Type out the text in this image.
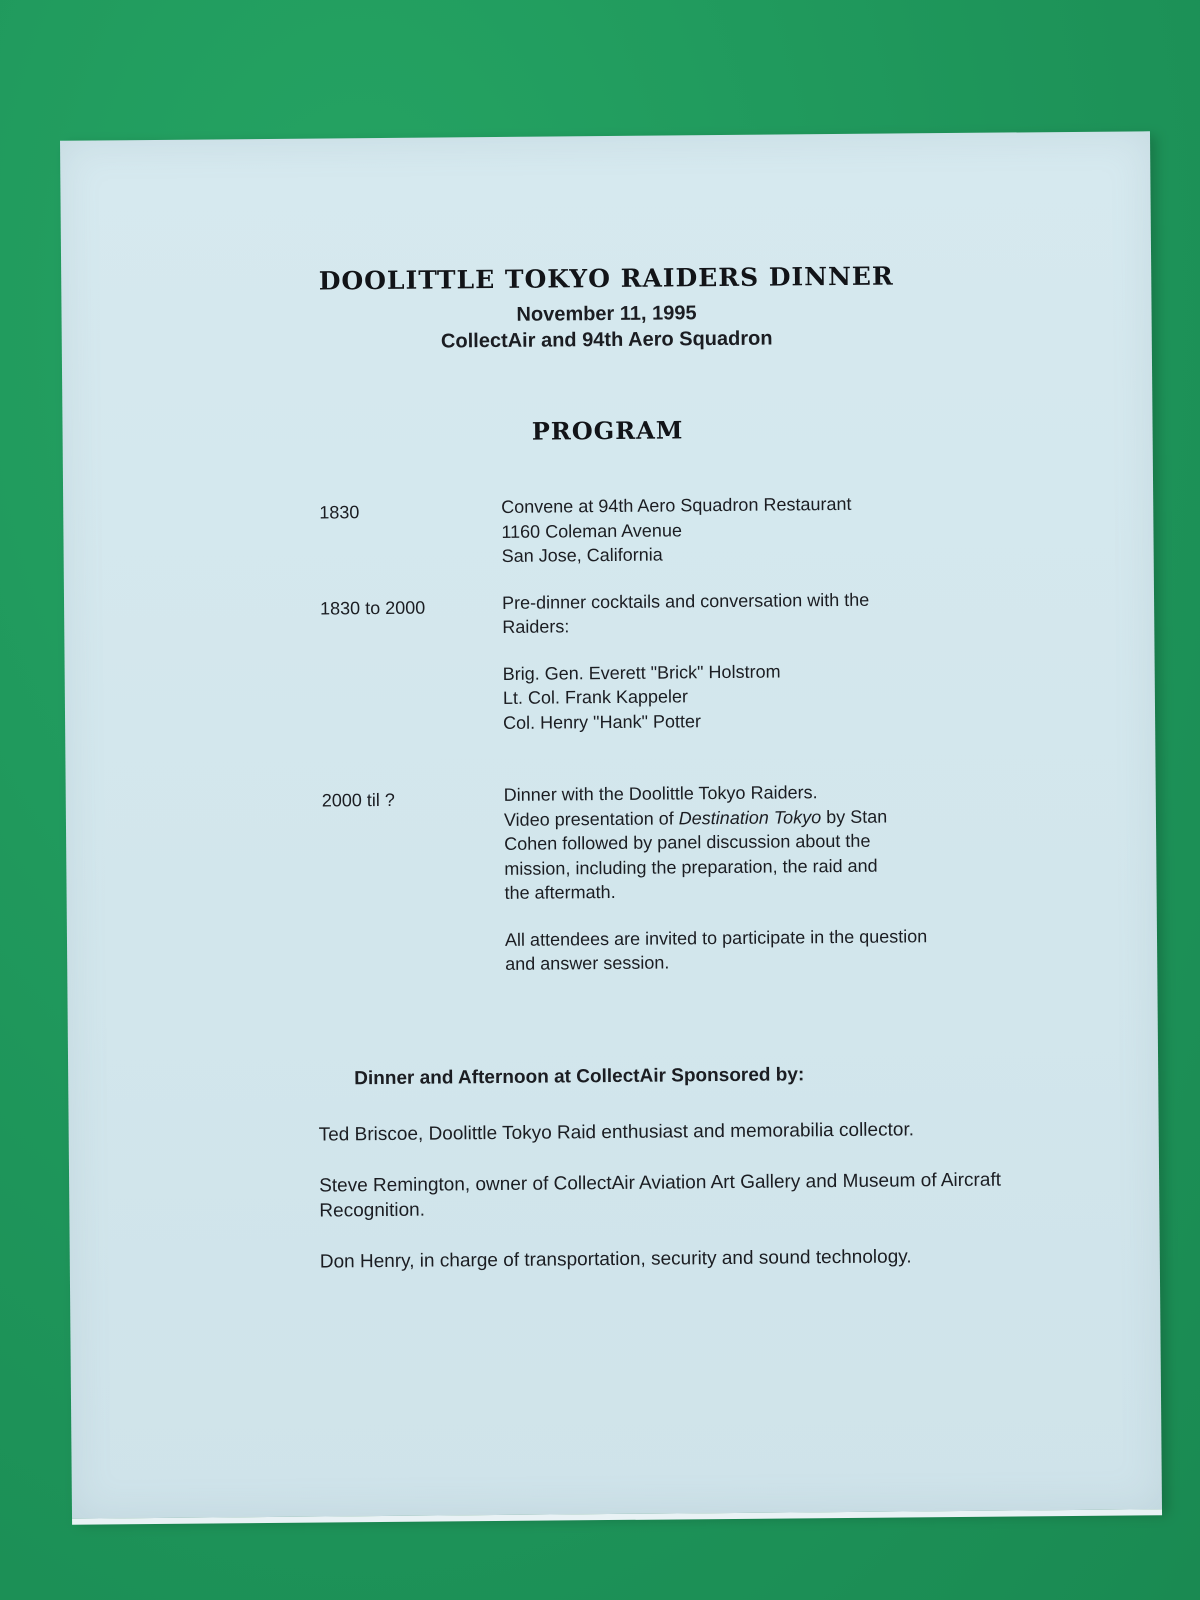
DOOLITTLE TOKYO RAIDERS DINNER
November 11, 1995
CollectAir and 94th Aero Squadron
PROGRAM
1830	Convene at 94th Aero Squadron Restaurant

1160 Coleman Avenue

San Jose, California

1830 to 2000	Pre-dinner cocktails and conversation with the

Raiders:

Brig. Gen. Everett "Brick" Holstrom

Lt. Col. Frank Kappeler

Col. Henry "Hank" Potter

2000 til ?	Dinner with the Doolittle Tokyo Raiders.

Video presentation of Destination Tokyo by Stan

Cohen followed by panel discussion about the

mission, including the preparation, the raid and

the aftermath.

All attendees are invited to participate in the question

and answer session.

Dinner and Afternoon at CollectAir Sponsored by:

Ted Briscoe, Doolittle Tokyo Raid enthusiast and memorabilia collector.

Steve Remington, owner of CollectAir Aviation Art Gallery and Museum of Aircraft Recognition.

Don Henry, in charge of transportation, security and sound technology.
